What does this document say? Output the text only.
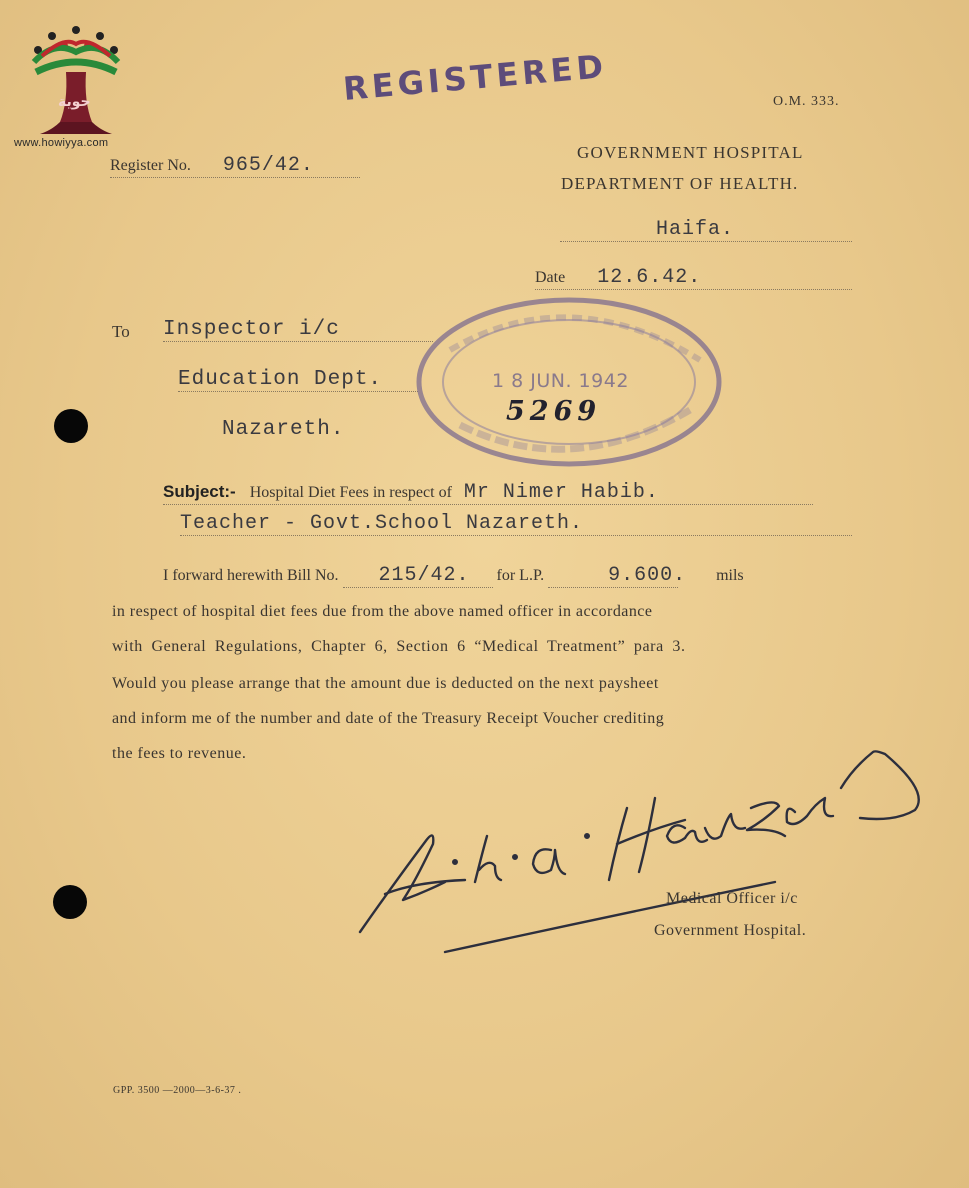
حوية
www.howiyya.com
REGISTERED	O.M. 333.
Register No. 965/42.
GOVERNMENT HOSPITAL
DEPARTMENT OF HEALTH.
Haifa.
Date 12.6.42.
To Inspector i/c
Education Dept.
Nazareth.
1 8 JUN. 1942
5269
Subject:- Hospital Diet Fees in respect of Mr Nimer Habib.
Teacher - Govt.School Nazareth.
I forward herewith Bill No. 215/42. for L.P.	9.600. mils
in respect of hospital diet fees due from the above named officer in accordance
with General Regulations, Chapter 6, Section 6 “Medical Treatment” para 3.
Would you please arrange that the amount due is deducted on the next paysheet
and inform me of the number and date of the Treasury Receipt Voucher crediting
the fees to revenue.
Medical Officer i/c
Government Hospital.
GPP. 3500 —2000—3-6-37 .
